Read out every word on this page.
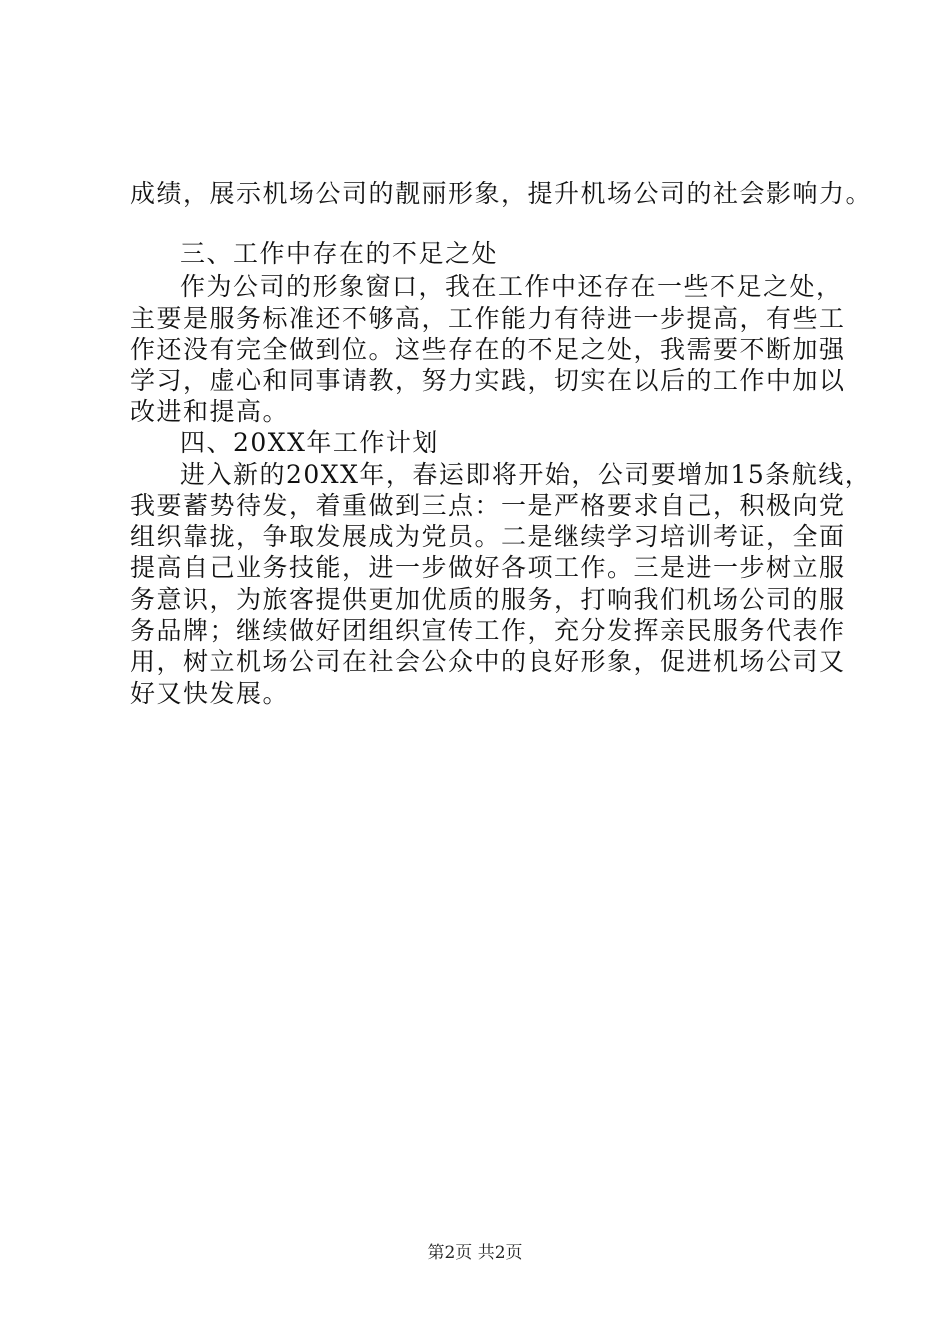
成绩，展示机场公司的靓丽形象，提升机场公司的社会影响力。
三、工作中存在的不足之处
作为公司的形象窗口，我在工作中还存在一些不足之处，
主要是服务标准还不够高，工作能力有待进一步提高，有些工
作还没有完全做到位。这些存在的不足之处，我需要不断加强
学习，虚心和同事请教，努力实践，切实在以后的工作中加以
改进和提高。
四、20XX年工作计划
进入新的20XX年，春运即将开始，公司要增加15条航线，
我要蓄势待发，着重做到三点：一是严格要求自己，积极向党
组织靠拢，争取发展成为党员。二是继续学习培训考证，全面
提高自己业务技能，进一步做好各项工作。三是进一步树立服
务意识，为旅客提供更加优质的服务，打响我们机场公司的服
务品牌；继续做好团组织宣传工作，充分发挥亲民服务代表作
用，树立机场公司在社会公众中的良好形象，促进机场公司又
好又快发展。
第2页 共2页
